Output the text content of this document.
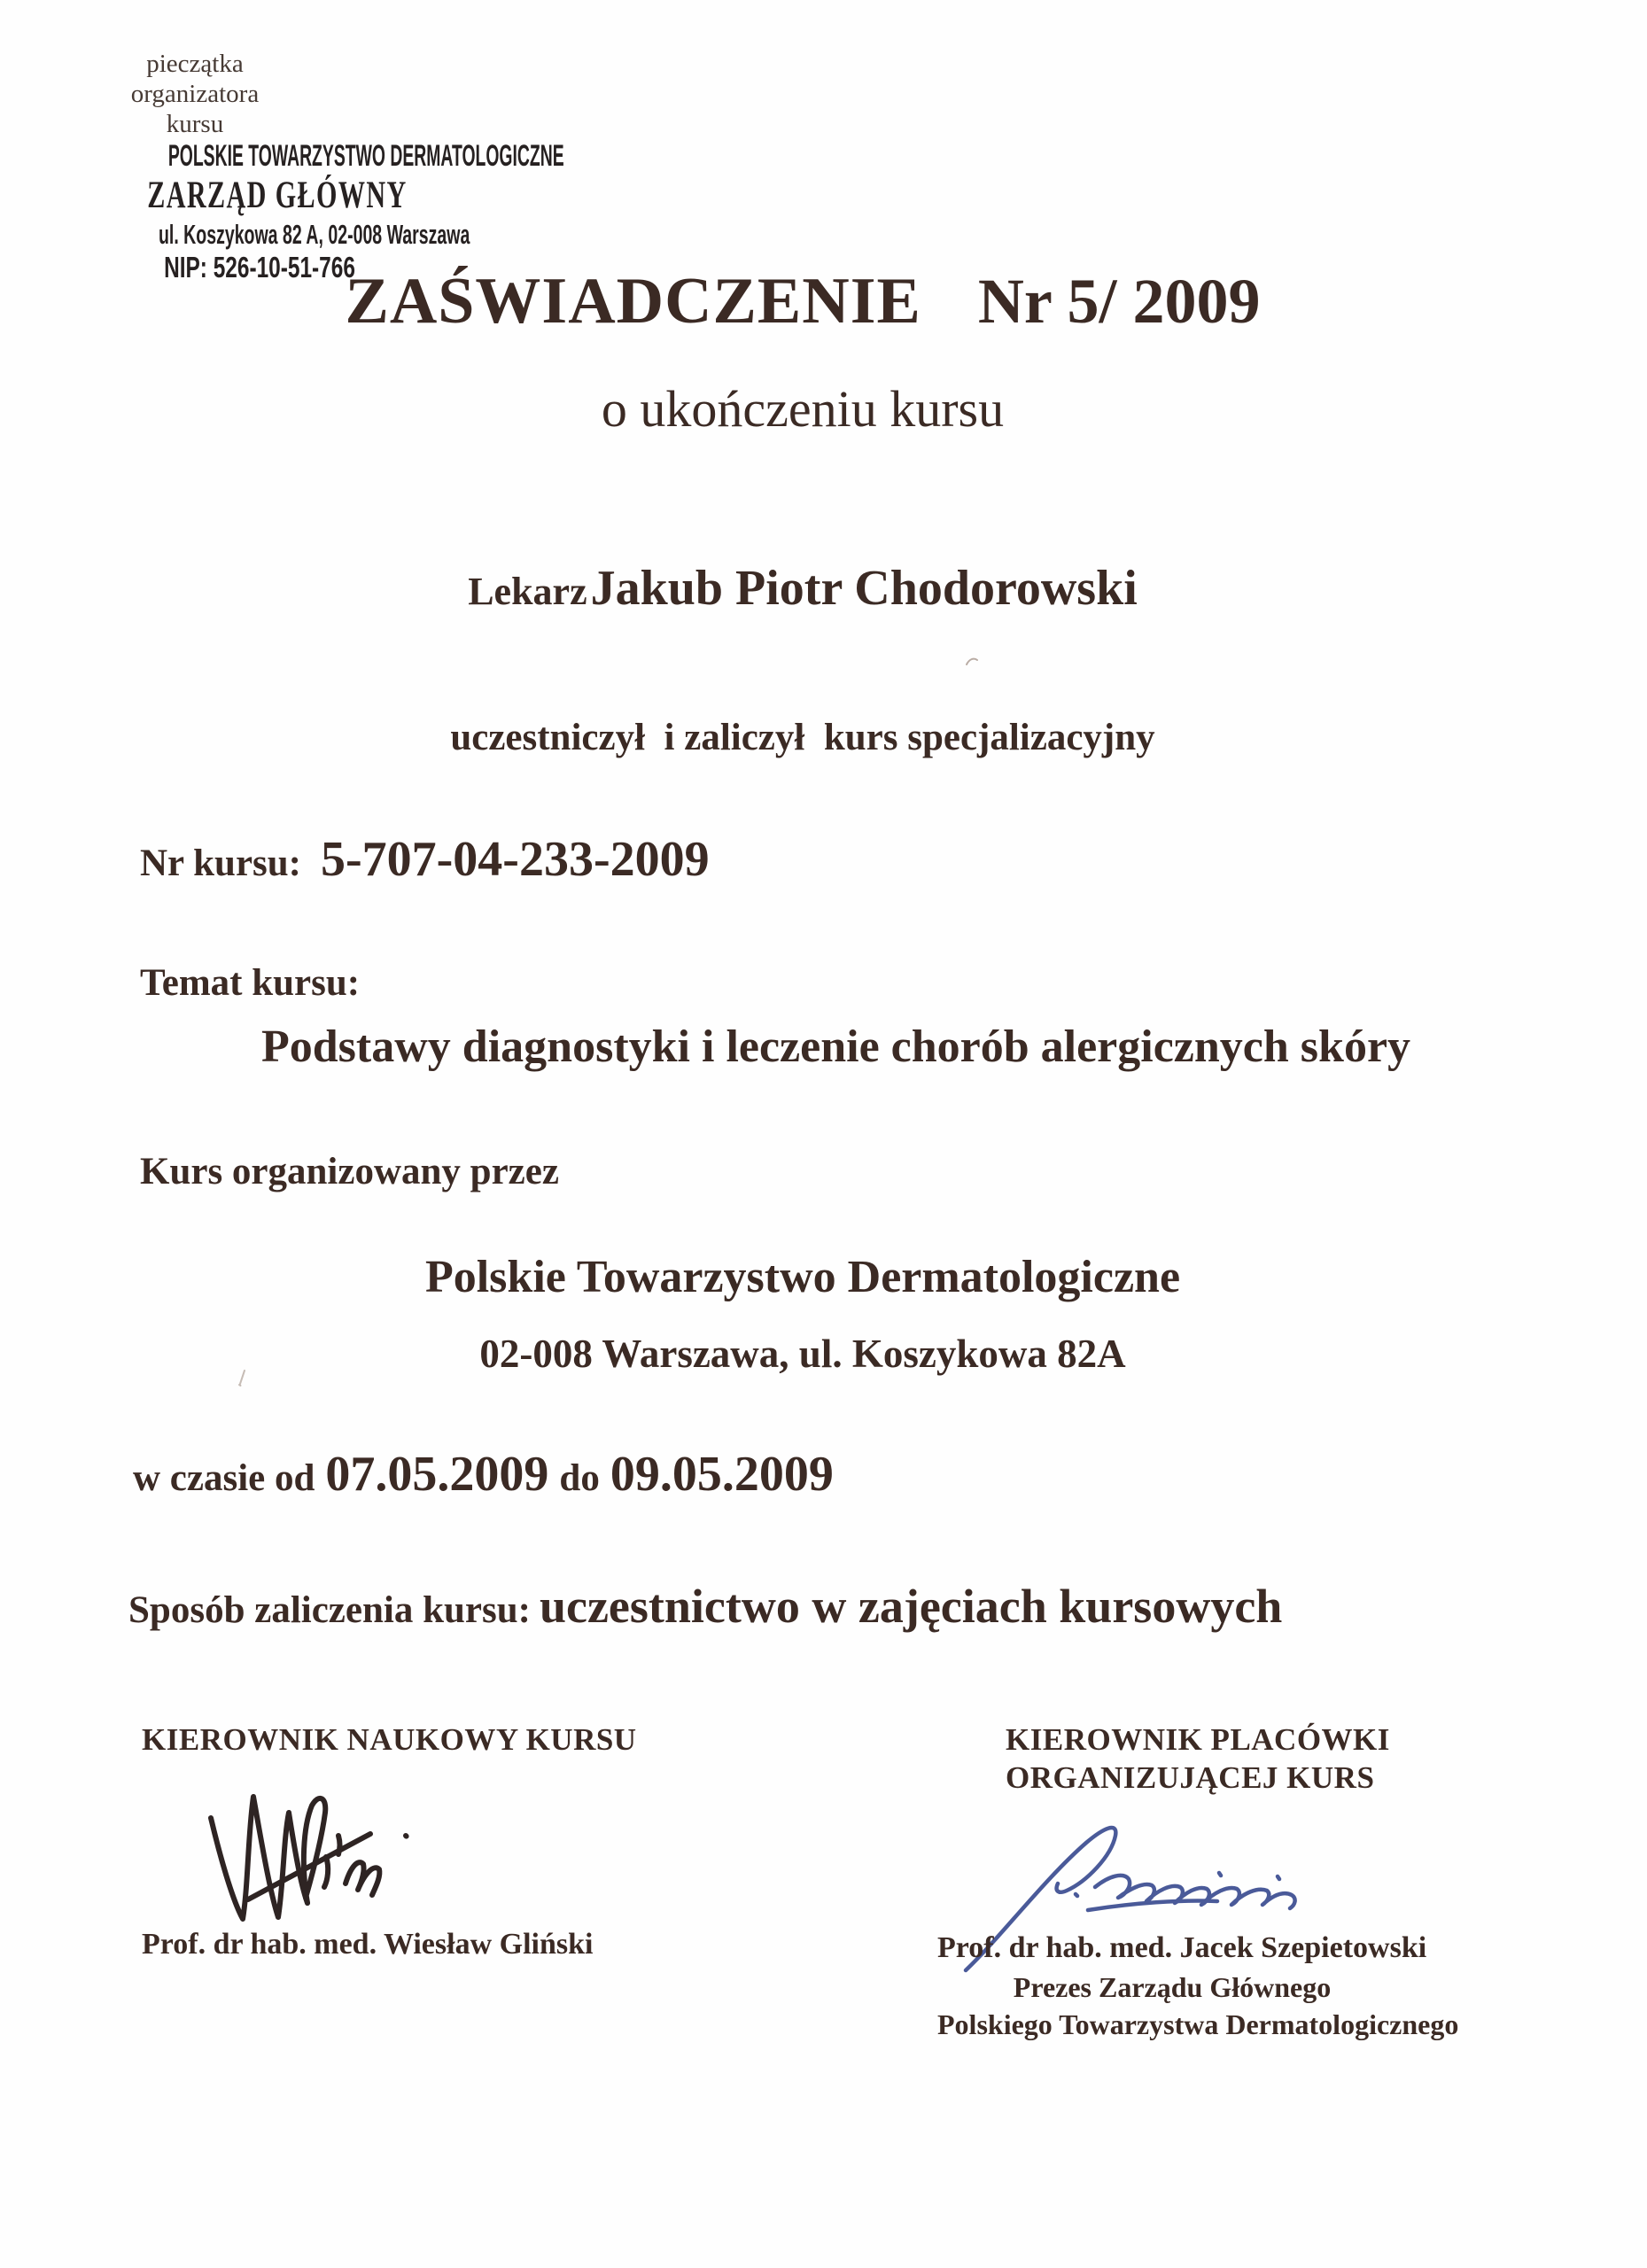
pieczątka
organizatora kursu
POLSKIE TOWARZYSTWO DERMATOLOGICZNE
ZARZĄD GŁÓWNY
ul. Koszykowa 82 A, 02-008 Warszawa
NIP: 526-10-51-766
ZAŚWIADCZENIE Nr 5/ 2009
o ukończeniu kursu
Lekarz Jakub Piotr Chodorowski
uczestniczył  i zaliczył  kurs specjalizacyjny
Nr kursu: 5-707-04-233-2009
Temat kursu:
Podstawy diagnostyki i leczenie chorób alergicznych skóry
Kurs organizowany przez
Polskie Towarzystwo Dermatologiczne
02-008 Warszawa, ul. Koszykowa 82A
w czasie od 07.05.2009 do 09.05.2009
Sposób zaliczenia kursu: uczestnictwo w zajęciach kursowych
KIEROWNIK NAUKOWY KURSU	KIEROWNIK PLACÓWKI
ORGANIZUJĄCEJ KURS
Prof. dr hab. med. Wiesław Gliński	Prof. dr hab. med. Jacek Szepietowski
Prezes Zarządu Głównego
Polskiego Towarzystwa Dermatologicznego
